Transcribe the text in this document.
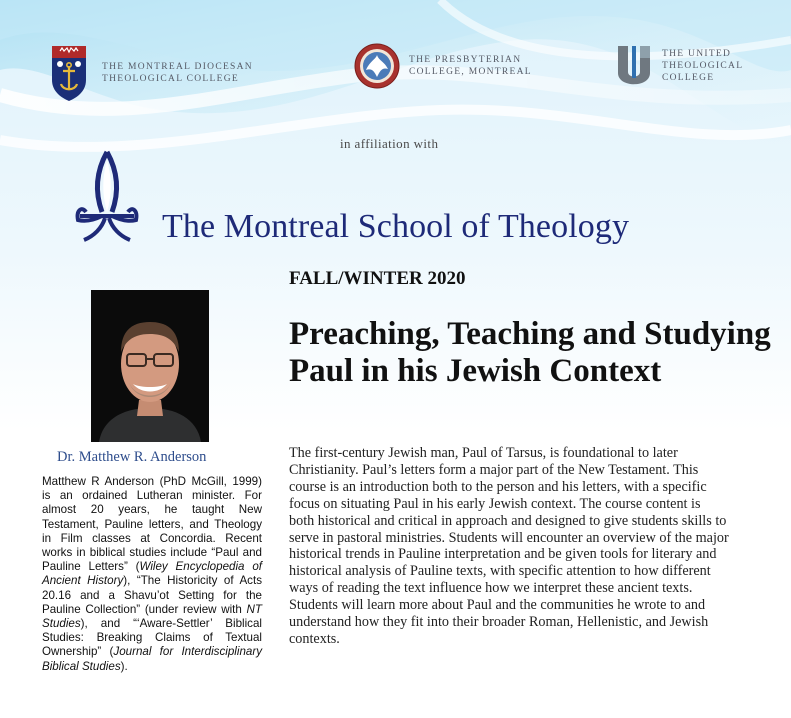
THE MONTREAL DIOCESAN
THEOLOGICAL COLLEGE
THE PRESBYTERIAN
COLLEGE, MONTREAL
THE UNITED
THEOLOGICAL
COLLEGE
in affiliation with
The Montreal School of Theology
FALL/WINTER 2020
Preaching, Teaching and Studying Paul in his Jewish Context
Dr. Matthew R. Anderson

Matthew R Anderson (PhD McGill, 1999) is an ordained Lutheran minister. For almost 20 years, he taught New Testament, Pauline letters, and Theology in Film classes at Concordia. Recent works in biblical studies include “Paul and Pauline Letters” (Wiley Encyclopedia of Ancient History), “The Historicity of Acts 20.16 and a Shavu’ot Setting for the Pauline Collection” (under review with NT Studies), and “‘Aware-Settler’ Biblical Studies: Breaking Claims of Textual Ownership” (Journal for Interdisciplinary Biblical Studies).

The first-century Jewish man, Paul of Tarsus, is foundational to later Christianity. Paul’s letters form a major part of the New Testament. This course is an introduction both to the person and his letters, with a specific focus on situating Paul in his early Jewish context. The course content is both historical and critical in approach and designed to give students skills to serve in pastoral ministries. Students will encounter an overview of the major historical trends in Pauline interpretation and be given tools for literary and historical analysis of Pauline texts, with specific attention to how different ways of reading the text influence how we interpret these ancient texts. Students will learn more about Paul and the communities he wrote to and understand how they fit into their broader Roman, Hellenistic, and Jewish contexts.
